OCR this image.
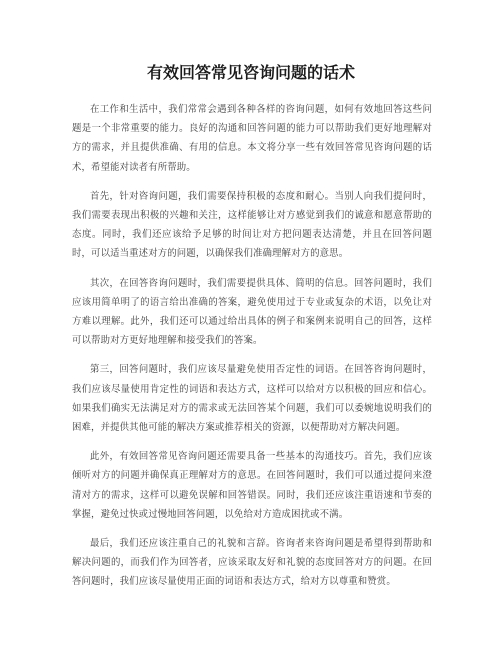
有效回答常见咨询问题的话术

在工作和生活中，我们常常会遇到各种各样的咨询问题，如何有效地回答这些问题是一个非常重要的能力。良好的沟通和回答问题的能力可以帮助我们更好地理解对方的需求，并且提供准确、有用的信息。本文将分享一些有效回答常见咨询问题的话术，希望能对读者有所帮助。

首先，针对咨询问题，我们需要保持积极的态度和耐心。当别人向我们提问时，我们需要表现出积极的兴趣和关注，这样能够让对方感觉到我们的诚意和愿意帮助的态度。同时，我们还应该给予足够的时间让对方把问题表达清楚，并且在回答问题时，可以适当重述对方的问题，以确保我们准确理解对方的意思。

其次，在回答咨询问题时，我们需要提供具体、简明的信息。回答问题时，我们应该用简单明了的语言给出准确的答案，避免使用过于专业或复杂的术语，以免让对方难以理解。此外，我们还可以通过给出具体的例子和案例来说明自己的回答，这样可以帮助对方更好地理解和接受我们的答案。

第三，回答问题时，我们应该尽量避免使用否定性的词语。在回答咨询问题时，我们应该尽量使用肯定性的词语和表达方式，这样可以给对方以积极的回应和信心。如果我们确实无法满足对方的需求或无法回答某个问题，我们可以委婉地说明我们的困难，并提供其他可能的解决方案或推荐相关的资源，以便帮助对方解决问题。

此外，有效回答常见咨询问题还需要具备一些基本的沟通技巧。首先，我们应该倾听对方的问题并确保真正理解对方的意思。在回答问题时，我们可以通过提问来澄清对方的需求，这样可以避免误解和回答错误。同时，我们还应该注重语速和节奏的掌握，避免过快或过慢地回答问题，以免给对方造成困扰或不满。

最后，我们还应该注重自己的礼貌和言辞。咨询者来咨询问题是希望得到帮助和解决问题的，而我们作为回答者，应该采取友好和礼貌的态度回答对方的问题。在回答问题时，我们应该尽量使用正面的词语和表达方式，给对方以尊重和赞赏。
